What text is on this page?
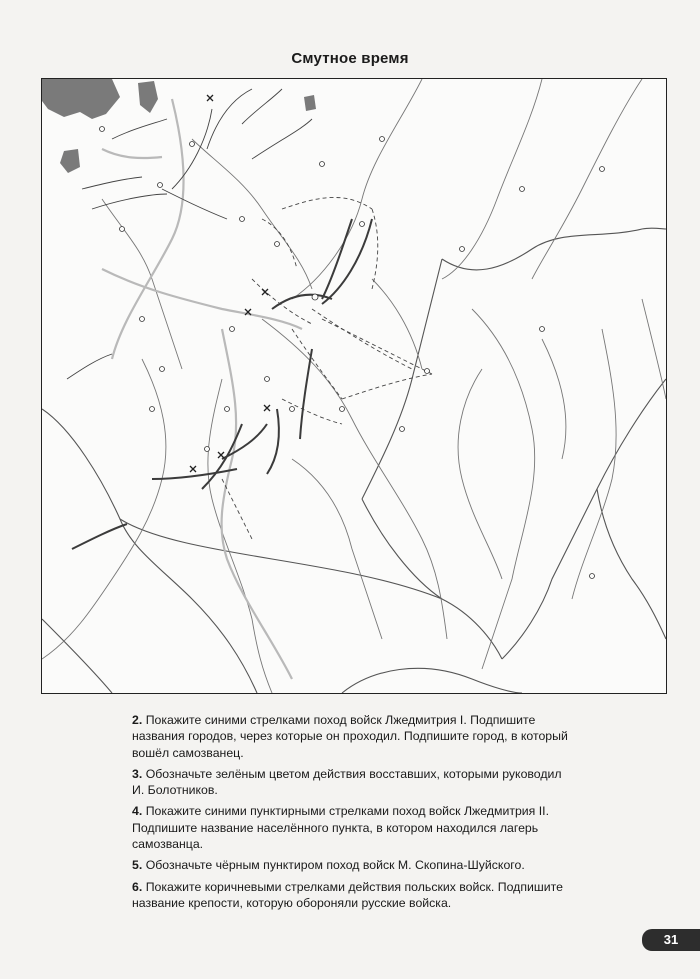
Смутное время

2. Покажите синими стрелками поход войск Лжедмитрия I. Подпишите названия городов, через которые он проходил. Подпишите город, в который вошёл самозванец.

3. Обозначьте зелёным цветом действия восставших, которыми руководил И. Болотников.

4. Покажите синими пунктирными стрелками поход войск Лжедмитрия II. Подпишите название населённого пункта, в котором находился лагерь самозванца.

5. Обозначьте чёрным пунктиром поход войск М. Скопина-Шуйского.

6. Покажите коричневыми стрелками действия польских войск. Подпишите название крепости, которую обороняли русские войска.

31
